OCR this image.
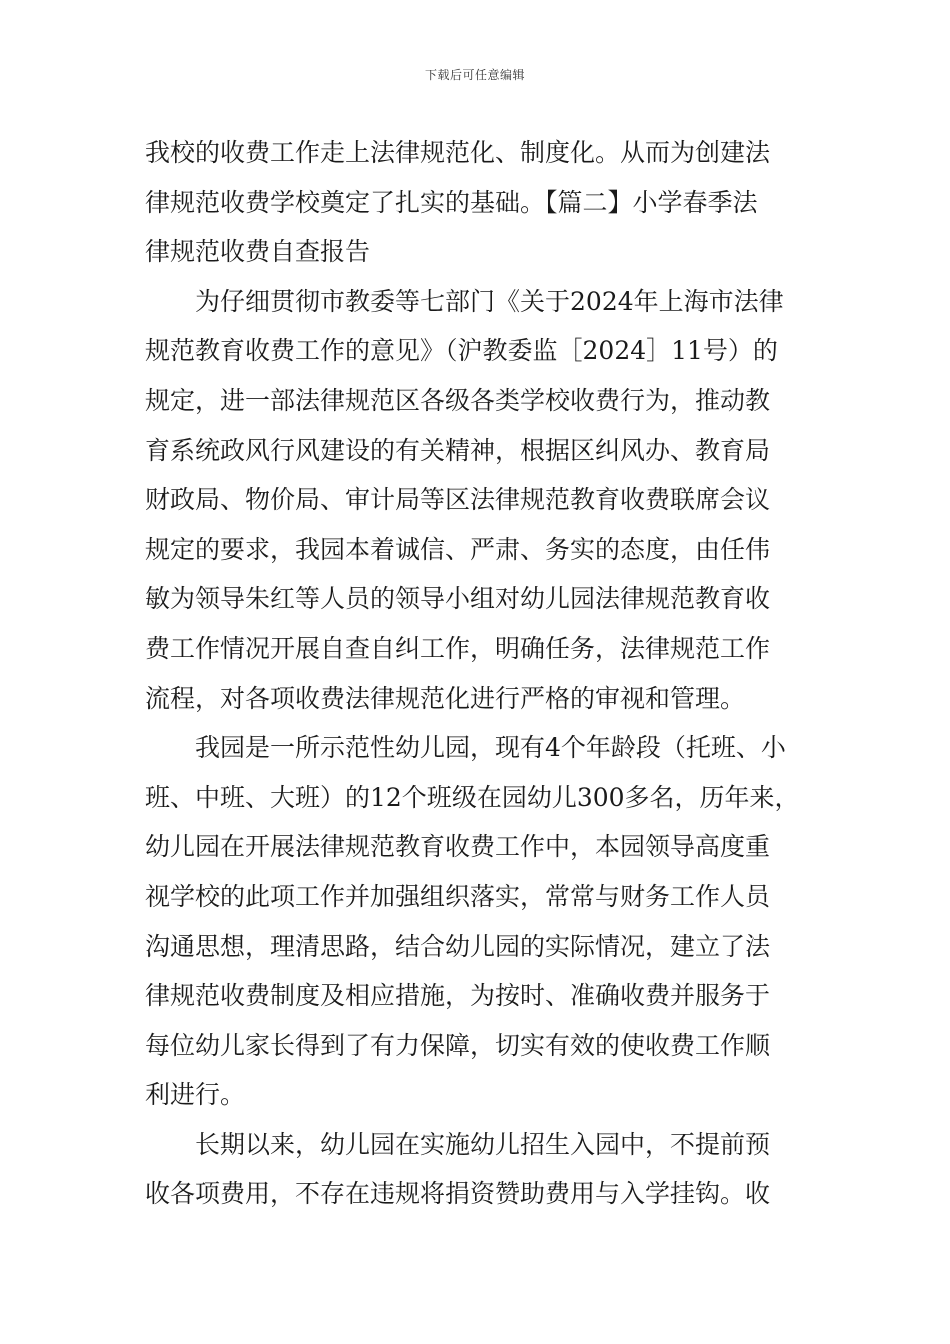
下载后可任意编辑
我校的收费工作走上法律规范化、制度化。从而为创建法
律规范收费学校奠定了扎实的基础。【篇二】小学春季法
律规范收费自查报告
为仔细贯彻市教委等七部门《关于2024年上海市法律
规范教育收费工作的意见》（沪教委监［2024］11号）的
规定，进一部法律规范区各级各类学校收费行为，推动教
育系统政风行风建设的有关精神，根据区纠风办、教育局
财政局、物价局、审计局等区法律规范教育收费联席会议
规定的要求，我园本着诚信、严肃、务实的态度，由任伟
敏为领导朱红等人员的领导小组对幼儿园法律规范教育收
费工作情况开展自查自纠工作，明确任务，法律规范工作
流程，对各项收费法律规范化进行严格的审视和管理。
我园是一所示范性幼儿园，现有4个年龄段（托班、小
班、中班、大班）的12个班级在园幼儿300多名，历年来，
幼儿园在开展法律规范教育收费工作中，本园领导高度重
视学校的此项工作并加强组织落实，常常与财务工作人员
沟通思想，理清思路，结合幼儿园的实际情况，建立了法
律规范收费制度及相应措施，为按时、准确收费并服务于
每位幼儿家长得到了有力保障，切实有效的使收费工作顺
利进行。
长期以来，幼儿园在实施幼儿招生入园中，不提前预
收各项费用，不存在违规将捐资赞助费用与入学挂钩。收
